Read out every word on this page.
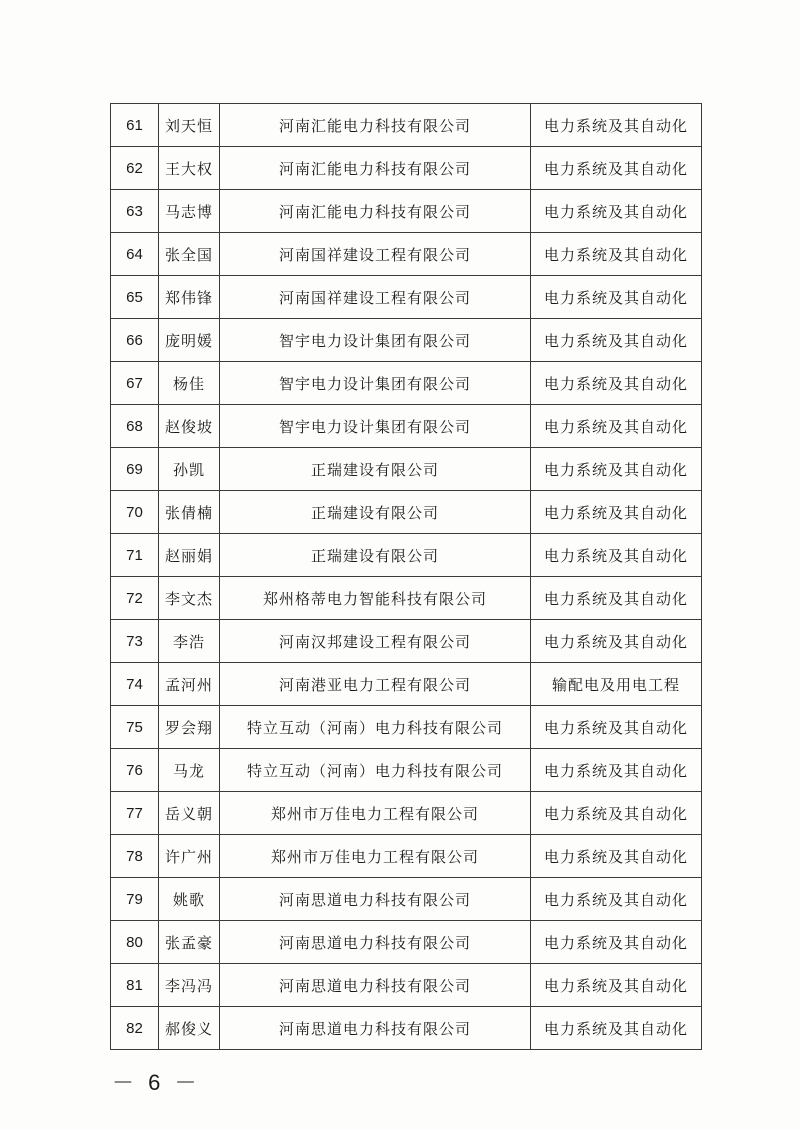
61	刘天恒	河南汇能电力科技有限公司	电力系统及其自动化
62	王大权	河南汇能电力科技有限公司	电力系统及其自动化
63	马志博	河南汇能电力科技有限公司	电力系统及其自动化
64	张全国	河南国祥建设工程有限公司	电力系统及其自动化
65	郑伟锋	河南国祥建设工程有限公司	电力系统及其自动化
66	庞明媛	智宇电力设计集团有限公司	电力系统及其自动化
67	杨佳	智宇电力设计集团有限公司	电力系统及其自动化
68	赵俊坡	智宇电力设计集团有限公司	电力系统及其自动化
69	孙凯	正瑞建设有限公司	电力系统及其自动化
70	张倩楠	正瑞建设有限公司	电力系统及其自动化
71	赵丽娟	正瑞建设有限公司	电力系统及其自动化
72	李文杰	郑州格蒂电力智能科技有限公司	电力系统及其自动化
73	李浩	河南汉邦建设工程有限公司	电力系统及其自动化
74	孟河州	河南港亚电力工程有限公司	输配电及用电工程
75	罗会翔	特立互动（河南）电力科技有限公司	电力系统及其自动化
76	马龙	特立互动（河南）电力科技有限公司	电力系统及其自动化
77	岳义朝	郑州市万佳电力工程有限公司	电力系统及其自动化
78	许广州	郑州市万佳电力工程有限公司	电力系统及其自动化
79	姚歌	河南思道电力科技有限公司	电力系统及其自动化
80	张孟豪	河南思道电力科技有限公司	电力系统及其自动化
81	李冯冯	河南思道电力科技有限公司	电力系统及其自动化
82	郝俊义	河南思道电力科技有限公司	电力系统及其自动化
－ 6 －
